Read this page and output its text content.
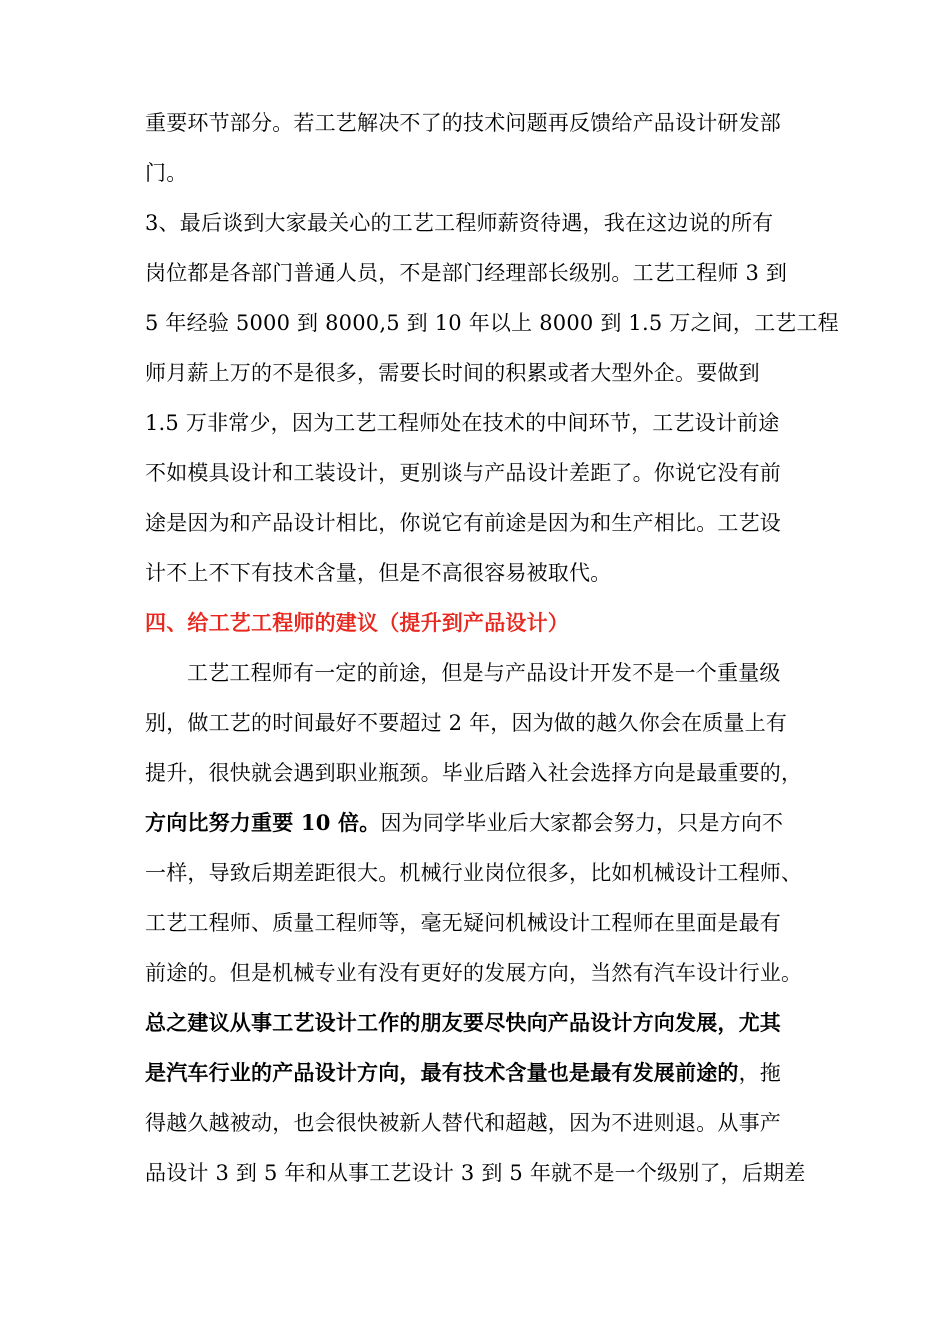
重要环节部分。若工艺解决不了的技术问题再反馈给产品设计研发部
门。
3、最后谈到大家最关心的工艺工程师薪资待遇，我在这边说的所有
岗位都是各部门普通人员，不是部门经理部长级别。工艺工程师 3 到
5 年经验 5000 到 8000,5 到 10 年以上 8000 到 1.5 万之间，工艺工程
师月薪上万的不是很多，需要长时间的积累或者大型外企。要做到
1.5 万非常少，因为工艺工程师处在技术的中间环节，工艺设计前途
不如模具设计和工装设计，更别谈与产品设计差距了。你说它没有前
途是因为和产品设计相比，你说它有前途是因为和生产相比。工艺设
计不上不下有技术含量，但是不高很容易被取代。
四、给工艺工程师的建议（提升到产品设计）
工艺工程师有一定的前途，但是与产品设计开发不是一个重量级
别，做工艺的时间最好不要超过 2 年，因为做的越久你会在质量上有
提升，很快就会遇到职业瓶颈。毕业后踏入社会选择方向是最重要的，
方向比努力重要 10 倍。因为同学毕业后大家都会努力，只是方向不
一样，导致后期差距很大。机械行业岗位很多，比如机械设计工程师、
工艺工程师、质量工程师等，毫无疑问机械设计工程师在里面是最有
前途的。但是机械专业有没有更好的发展方向，当然有汽车设计行业。
总之建议从事工艺设计工作的朋友要尽快向产品设计方向发展，尤其
是汽车行业的产品设计方向，最有技术含量也是最有发展前途的，拖
得越久越被动，也会很快被新人替代和超越，因为不进则退。从事产
品设计 3 到 5 年和从事工艺设计 3 到 5 年就不是一个级别了，后期差
